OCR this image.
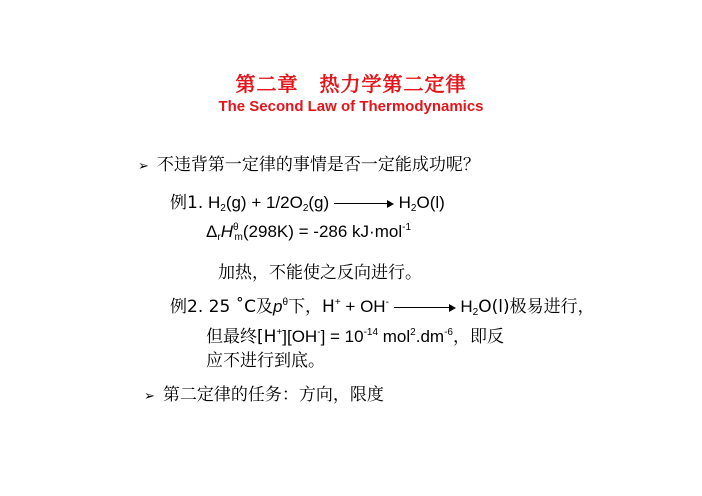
第二章　热力学第二定律
The Second Law of Thermodynamics
➢ 不违背第一定律的事情是否一定能成功呢？
例1. $H_2(g) + 1/2O_2(g)$	$H_2O(l)$
$\Delta_rH^\theta_m(298K) = -286$ kJ·mol$^{-1}$
加热，不能使之反向进行。
例2. 25 ˚C及$p^\theta$下，H+ + OH-	$H_2O(l)$极易进行，
但最终$[H^+][OH^-] = 10^{-14}$ $mol^2.dm^{-6}$，即反
应不进行到底。
➢ 第二定律的任务：方向，限度
